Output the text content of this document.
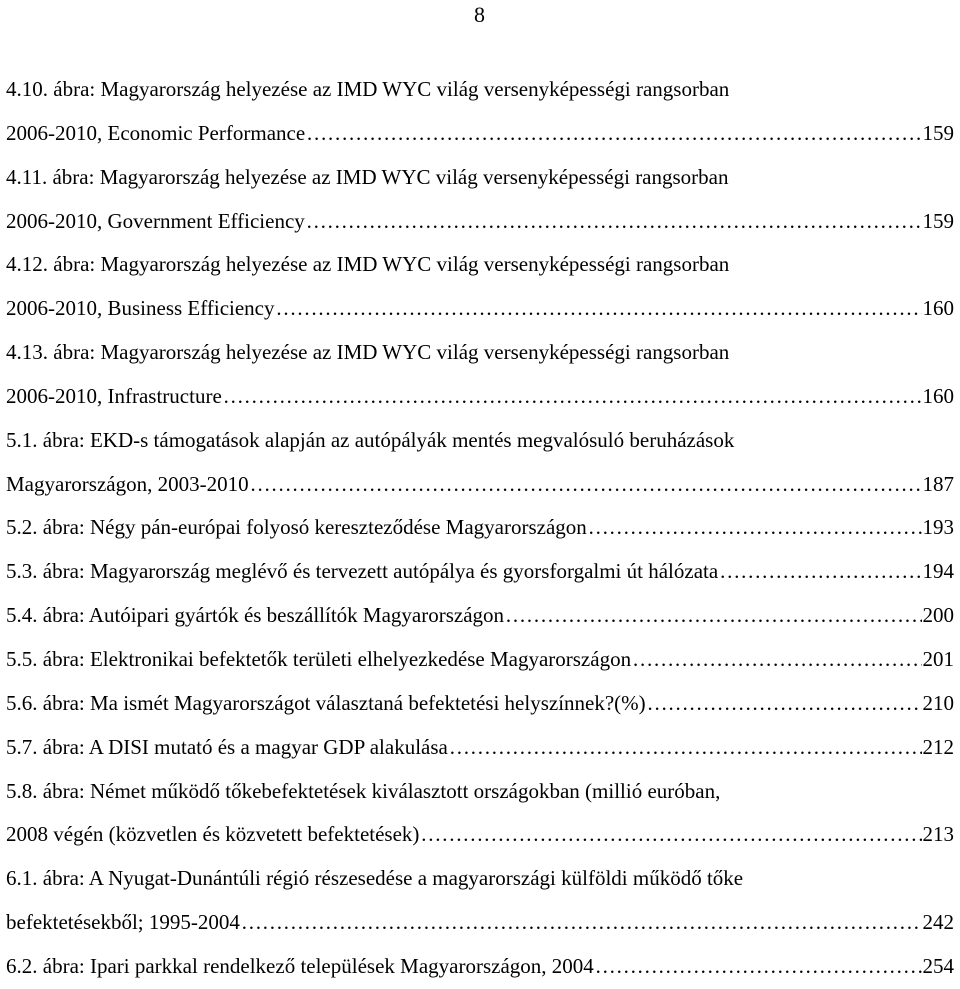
8
4.10. ábra: Magyarország helyezése az IMD WYC világ versenyképességi rangsorban
2006-2010, Economic Performance ……………………………………………………………………………………………………………………………………………………………………………………………	159
4.11. ábra: Magyarország helyezése az IMD WYC világ versenyképességi rangsorban
2006-2010, Government Efficiency ……………………………………………………………………………………………………………………………………………………………………………………………	159
4.12. ábra: Magyarország helyezése az IMD WYC világ versenyképességi rangsorban
2006-2010, Business Efficiency ……………………………………………………………………………………………………………………………………………………………………………………………	160
4.13. ábra: Magyarország helyezése az IMD WYC világ versenyképességi rangsorban
2006-2010, Infrastructure ……………………………………………………………………………………………………………………………………………………………………………………………	160
5.1. ábra: EKD-s támogatások alapján az autópályák mentés megvalósuló beruházások
Magyarországon, 2003-2010 ……………………………………………………………………………………………………………………………………………………………………………………………	187
5.2. ábra: Négy pán-európai folyosó kereszteződése Magyarországon ……………………………………………………………………………………………………………………………………………………………………………………………	193
5.3. ábra: Magyarország meglévő és tervezett autópálya és gyorsforgalmi út hálózata ……………………………………………………………………………………………………………………………………………………………………………………………	194
5.4. ábra: Autóipari gyártók és beszállítók Magyarországon ……………………………………………………………………………………………………………………………………………………………………………………………	200
5.5. ábra: Elektronikai befektetők területi elhelyezkedése Magyarországon ……………………………………………………………………………………………………………………………………………………………………………………………	201
5.6. ábra: Ma ismét Magyarországot választaná befektetési helyszínnek?(%) ……………………………………………………………………………………………………………………………………………………………………………………………	210
5.7. ábra: A DISI mutató és a magyar GDP alakulása ……………………………………………………………………………………………………………………………………………………………………………………………	212
5.8. ábra: Német működő tőkebefektetések kiválasztott országokban (millió euróban,
2008 végén (közvetlen és közvetett befektetések) ……………………………………………………………………………………………………………………………………………………………………………………………	213
6.1. ábra: A Nyugat-Dunántúli régió részesedése a magyarországi külföldi működő tőke
befektetésekből; 1995-2004 ……………………………………………………………………………………………………………………………………………………………………………………………	242
6.2. ábra: Ipari parkkal rendelkező települések Magyarországon, 2004 ……………………………………………………………………………………………………………………………………………………………………………………………	254
